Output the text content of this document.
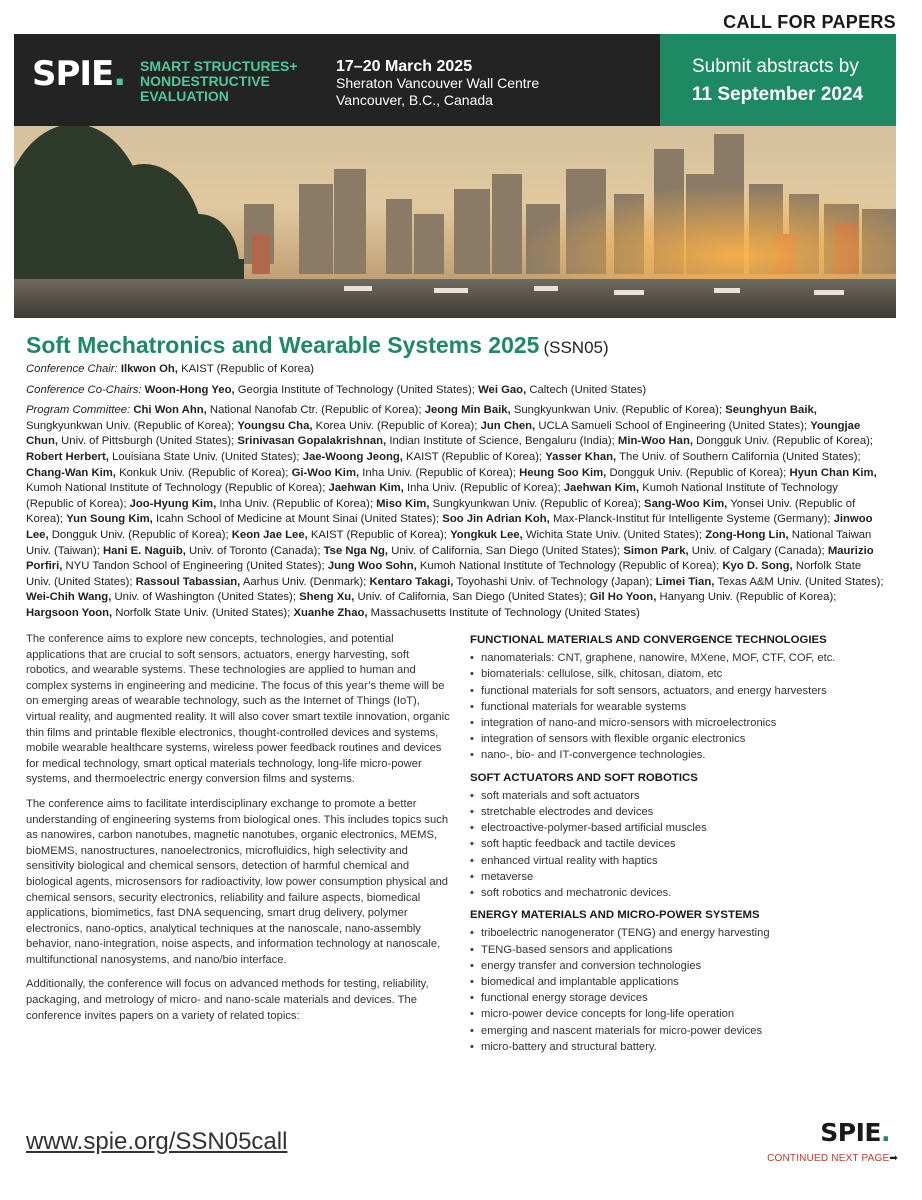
CALL FOR PAPERS
SPIE. SMART STRUCTURES+
NONDESTRUCTIVE
EVALUATION
17–20 March 2025
Sheraton Vancouver Wall Centre
Vancouver, B.C., Canada
Submit abstracts by
11 September 2024
Soft Mechatronics and Wearable Systems 2025 (SSN05)

Conference Chair: Ilkwon Oh, KAIST (Republic of Korea)

Conference Co-Chairs: Woon-Hong Yeo, Georgia Institute of Technology (United States); Wei Gao, Caltech (United States)

Program Committee: Chi Won Ahn, National Nanofab Ctr. (Republic of Korea); Jeong Min Baik, Sungkyunkwan Univ. (Republic of Korea); Seunghyun Baik, Sungkyunkwan Univ. (Republic of Korea); Youngsu Cha, Korea Univ. (Republic of Korea); Jun Chen, UCLA Samueli School of Engineering (United States); Youngjae Chun, Univ. of Pittsburgh (United States); Srinivasan Gopalakrishnan, Indian Institute of Science, Bengaluru (India); Min-Woo Han, Dongguk Univ. (Republic of Korea); Robert Herbert, Louisiana State Univ. (United States); Jae-Woong Jeong, KAIST (Republic of Korea); Yasser Khan, The Univ. of Southern California (United States); Chang-Wan Kim, Konkuk Univ. (Republic of Korea); Gi-Woo Kim, Inha Univ. (Republic of Korea); Heung Soo Kim, Dongguk Univ. (Republic of Korea); Hyun Chan Kim, Kumoh National Institute of Technology (Republic of Korea); Jaehwan Kim, Inha Univ. (Republic of Korea); Jaehwan Kim, Kumoh National Institute of Technology (Republic of Korea); Joo-Hyung Kim, Inha Univ. (Republic of Korea); Miso Kim, Sungkyunkwan Univ. (Republic of Korea); Sang-Woo Kim, Yonsei Univ. (Republic of Korea); Yun Soung Kim, Icahn School of Medicine at Mount Sinai (United States); Soo Jin Adrian Koh, Max-Planck-Institut für Intelligente Systeme (Germany); Jinwoo Lee, Dongguk Univ. (Republic of Korea); Keon Jae Lee, KAIST (Republic of Korea); Yongkuk Lee, Wichita State Univ. (United States); Zong-Hong Lin, National Taiwan Univ. (Taiwan); Hani E. Naguib, Univ. of Toronto (Canada); Tse Nga Ng, Univ. of California, San Diego (United States); Simon Park, Univ. of Calgary (Canada); Maurizio Porfiri, NYU Tandon School of Engineering (United States); Jung Woo Sohn, Kumoh National Institute of Technology (Republic of Korea); Kyo D. Song, Norfolk State Univ. (United States); Rassoul Tabassian, Aarhus Univ. (Denmark); Kentaro Takagi, Toyohashi Univ. of Technology (Japan); Limei Tian, Texas A&M Univ. (United States); Wei-Chih Wang, Univ. of Washington (United States); Sheng Xu, Univ. of California, San Diego (United States); Gil Ho Yoon, Hanyang Univ. (Republic of Korea); Hargsoon Yoon, Norfolk State Univ. (United States); Xuanhe Zhao, Massachusetts Institute of Technology (United States)

The conference aims to explore new concepts, technologies, and potential applications that are crucial to soft sensors, actuators, energy harvesting, soft robotics, and wearable systems. These technologies are applied to human and complex systems in engineering and medicine. The focus of this year’s theme will be on emerging areas of wearable technology, such as the Internet of Things (IoT), virtual reality, and augmented reality. It will also cover smart textile innovation, organic thin films and printable flexible electronics, thought-controlled devices and systems, mobile wearable healthcare systems, wireless power feedback routines and devices for medical technology, smart optical materials technology, long-life micro-power systems, and thermoelectric energy conversion films and systems.

The conference aims to facilitate interdisciplinary exchange to promote a better understanding of engineering systems from biological ones. This includes topics such as nanowires, carbon nanotubes, magnetic nanotubes, organic electronics, MEMS, bioMEMS, nanostructures, nanoelectronics, microfluidics, high selectivity and sensitivity biological and chemical sensors, detection of harmful chemical and biological agents, microsensors for radioactivity, low power consumption physical and chemical sensors, security electronics, reliability and failure aspects, biomedical applications, biomimetics, fast DNA sequencing, smart drug delivery, polymer electronics, nano-optics, analytical techniques at the nanoscale, nano-assembly behavior, nano-integration, noise aspects, and information technology at nanoscale, multifunctional nanosystems, and nano/bio interface.

Additionally, the conference will focus on advanced methods for testing, reliability, packaging, and metrology of micro- and nano-scale materials and devices. The conference invites papers on a variety of related topics:

FUNCTIONAL MATERIALS AND CONVERGENCE TECHNOLOGIES
• nanomaterials: CNT, graphene, nanowire, MXene, MOF, CTF, COF, etc.
• biomaterials: cellulose, silk, chitosan, diatom, etc
• functional materials for soft sensors, actuators, and energy harvesters
• functional materials for wearable systems
• integration of nano-and micro-sensors with microelectronics
• integration of sensors with flexible organic electronics
• nano-, bio- and IT-convergence technologies.
SOFT ACTUATORS AND SOFT ROBOTICS
• soft materials and soft actuators
• stretchable electrodes and devices
• electroactive-polymer-based artificial muscles
• soft haptic feedback and tactile devices
• enhanced virtual reality with haptics
• metaverse
• soft robotics and mechatronic devices.
ENERGY MATERIALS AND MICRO-POWER SYSTEMS
• triboelectric nanogenerator (TENG) and energy harvesting
• TENG-based sensors and applications
• energy transfer and conversion technologies
• biomedical and implantable applications
• functional energy storage devices
• micro-power device concepts for long-life operation
• emerging and nascent materials for micro-power devices
• micro-battery and structural battery.
www.spie.org/SSN05call	SPIE.
CONTINUED NEXT PAGE➡
